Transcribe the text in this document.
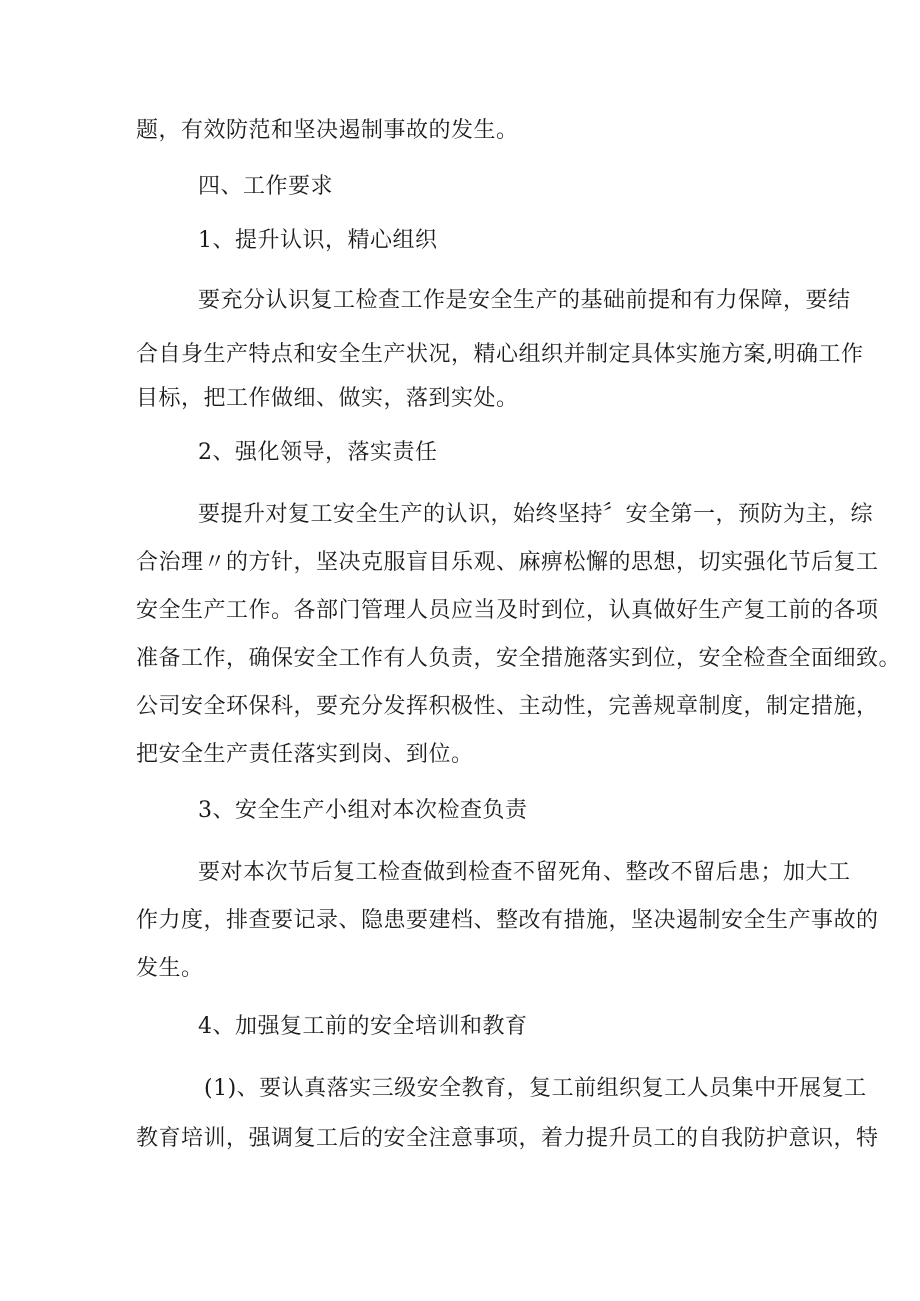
题，有效防范和坚决遏制事故的发生。
四、工作要求
1、提升认识，精心组织
要充分认识复工检查工作是安全生产的基础前提和有力保障，要结
合自身生产特点和安全生产状况，精心组织并制定具体实施方案,明确工作
目标，把工作做细、做实，落到实处。
2、强化领导，落实责任
要提升对复工安全生产的认识，始终坚持〞安全第一，预防为主，综
合治理〃的方针，坚决克服盲目乐观、麻痹松懈的思想，切实强化节后复工
安全生产工作。各部门管理人员应当及时到位，认真做好生产复工前的各项
准备工作，确保安全工作有人负责，安全措施落实到位，安全检查全面细致。
公司安全环保科，要充分发挥积极性、主动性，完善规章制度，制定措施，
把安全生产责任落实到岗、到位。
3、安全生产小组对本次检查负责
要对本次节后复工检查做到检查不留死角、整改不留后患；加大工
作力度，排查要记录、隐患要建档、整改有措施，坚决遏制安全生产事故的
发生。
4、加强复工前的安全培训和教育
(1)、要认真落实三级安全教育，复工前组织复工人员集中开展复工
教育培训，强调复工后的安全注意事项，着力提升员工的自我防护意识，特
